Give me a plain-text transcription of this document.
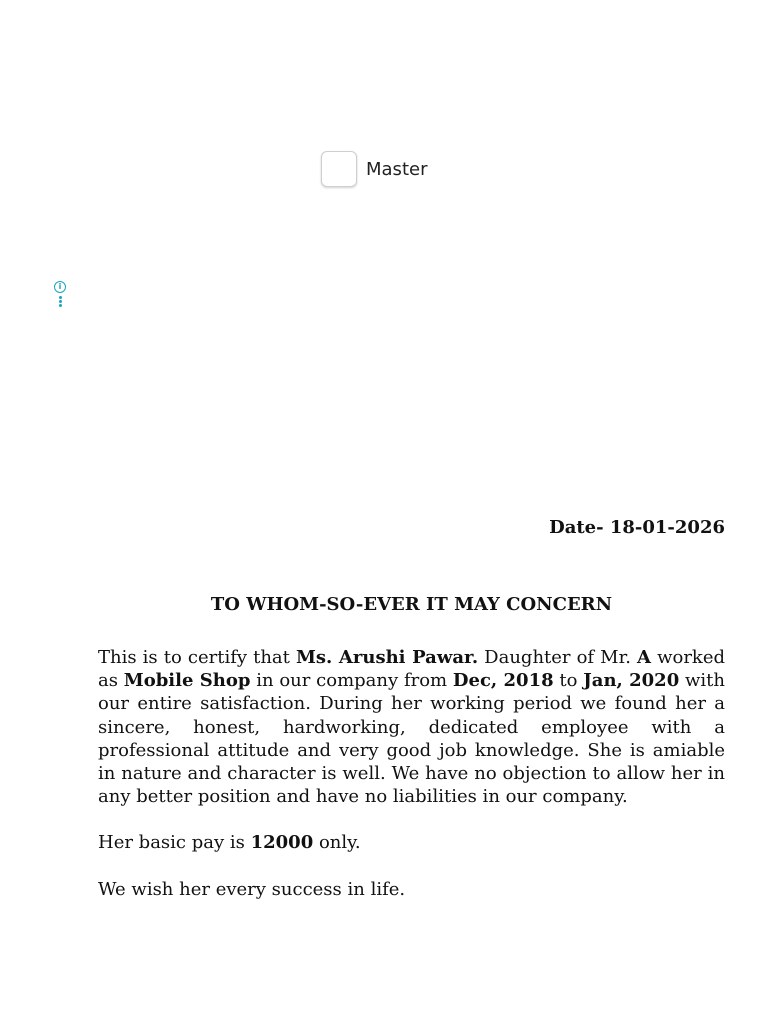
Master
i
Date- 18-01-2026
TO WHOM-SO-EVER IT MAY CONCERN

This is to certify that Ms. Arushi Pawar. Daughter of Mr. A worked as Mobile Shop in our company from Dec, 2018 to Jan, 2020 with our entire satisfaction. During her working period we found her a sincere, honest, hardworking, dedicated employee with a professional attitude and very good job knowledge. She is amiable in nature and character is well. We have no objection to allow her in any better position and have no liabilities in our company.

Her basic pay is 12000 only.

We wish her every success in life.
